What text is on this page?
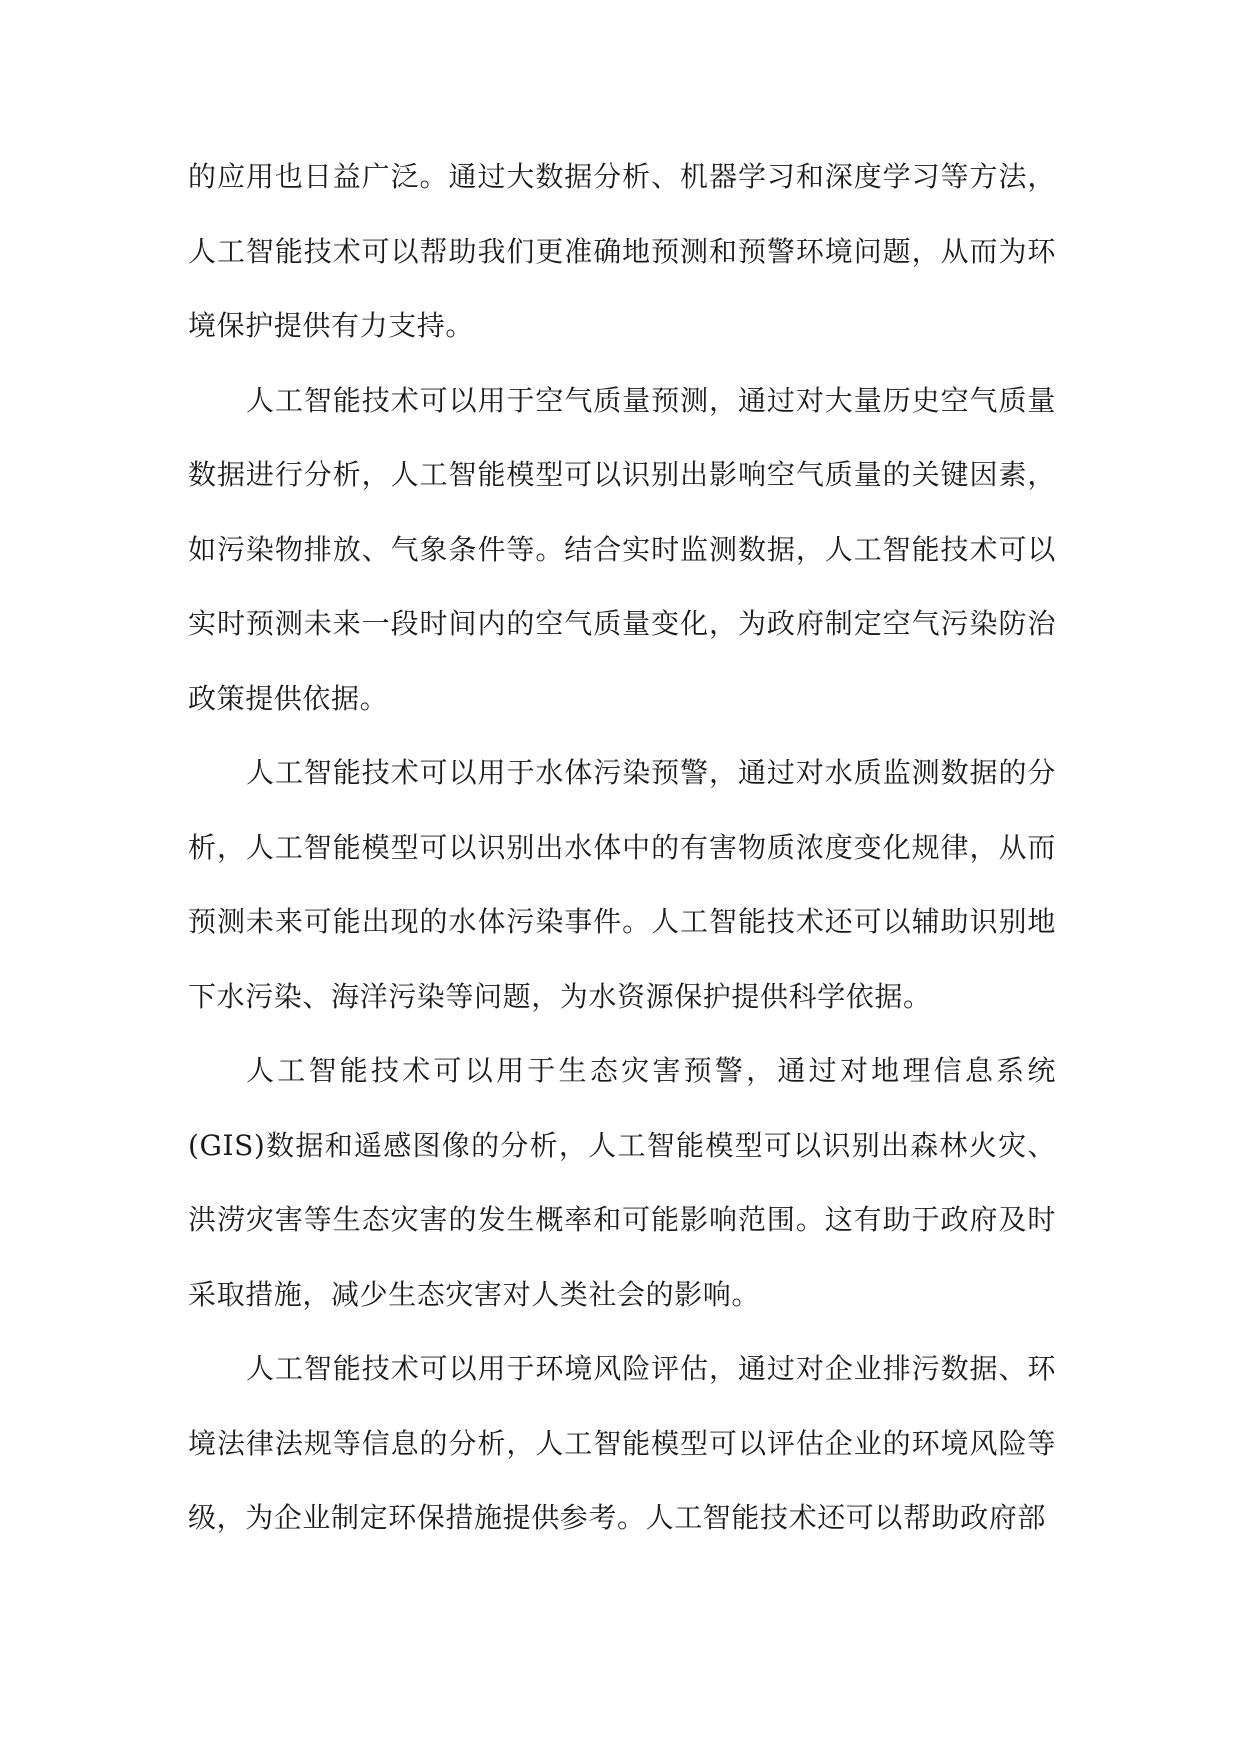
的应用也日益广泛。通过大数据分析、机器学习和深度学习等方法，人工智能技术可以帮助我们更准确地预测和预警环境问题，从而为环境保护提供有力支持。

人工智能技术可以用于空气质量预测，通过对大量历史空气质量数据进行分析，人工智能模型可以识别出影响空气质量的关键因素，如污染物排放、气象条件等。结合实时监测数据，人工智能技术可以实时预测未来一段时间内的空气质量变化，为政府制定空气污染防治政策提供依据。

人工智能技术可以用于水体污染预警，通过对水质监测数据的分析，人工智能模型可以识别出水体中的有害物质浓度变化规律，从而预测未来可能出现的水体污染事件。人工智能技术还可以辅助识别地下水污染、海洋污染等问题，为水资源保护提供科学依据。

人工智能技术可以用于生态灾害预警，通过对地理信息系统(GIS)数据和遥感图像的分析，人工智能模型可以识别出森林火灾、洪涝灾害等生态灾害的发生概率和可能影响范围。这有助于政府及时采取措施，减少生态灾害对人类社会的影响。

人工智能技术可以用于环境风险评估，通过对企业排污数据、环境法律法规等信息的分析，人工智能模型可以评估企业的环境风险等级，为企业制定环保措施提供参考。人工智能技术还可以帮助政府部
